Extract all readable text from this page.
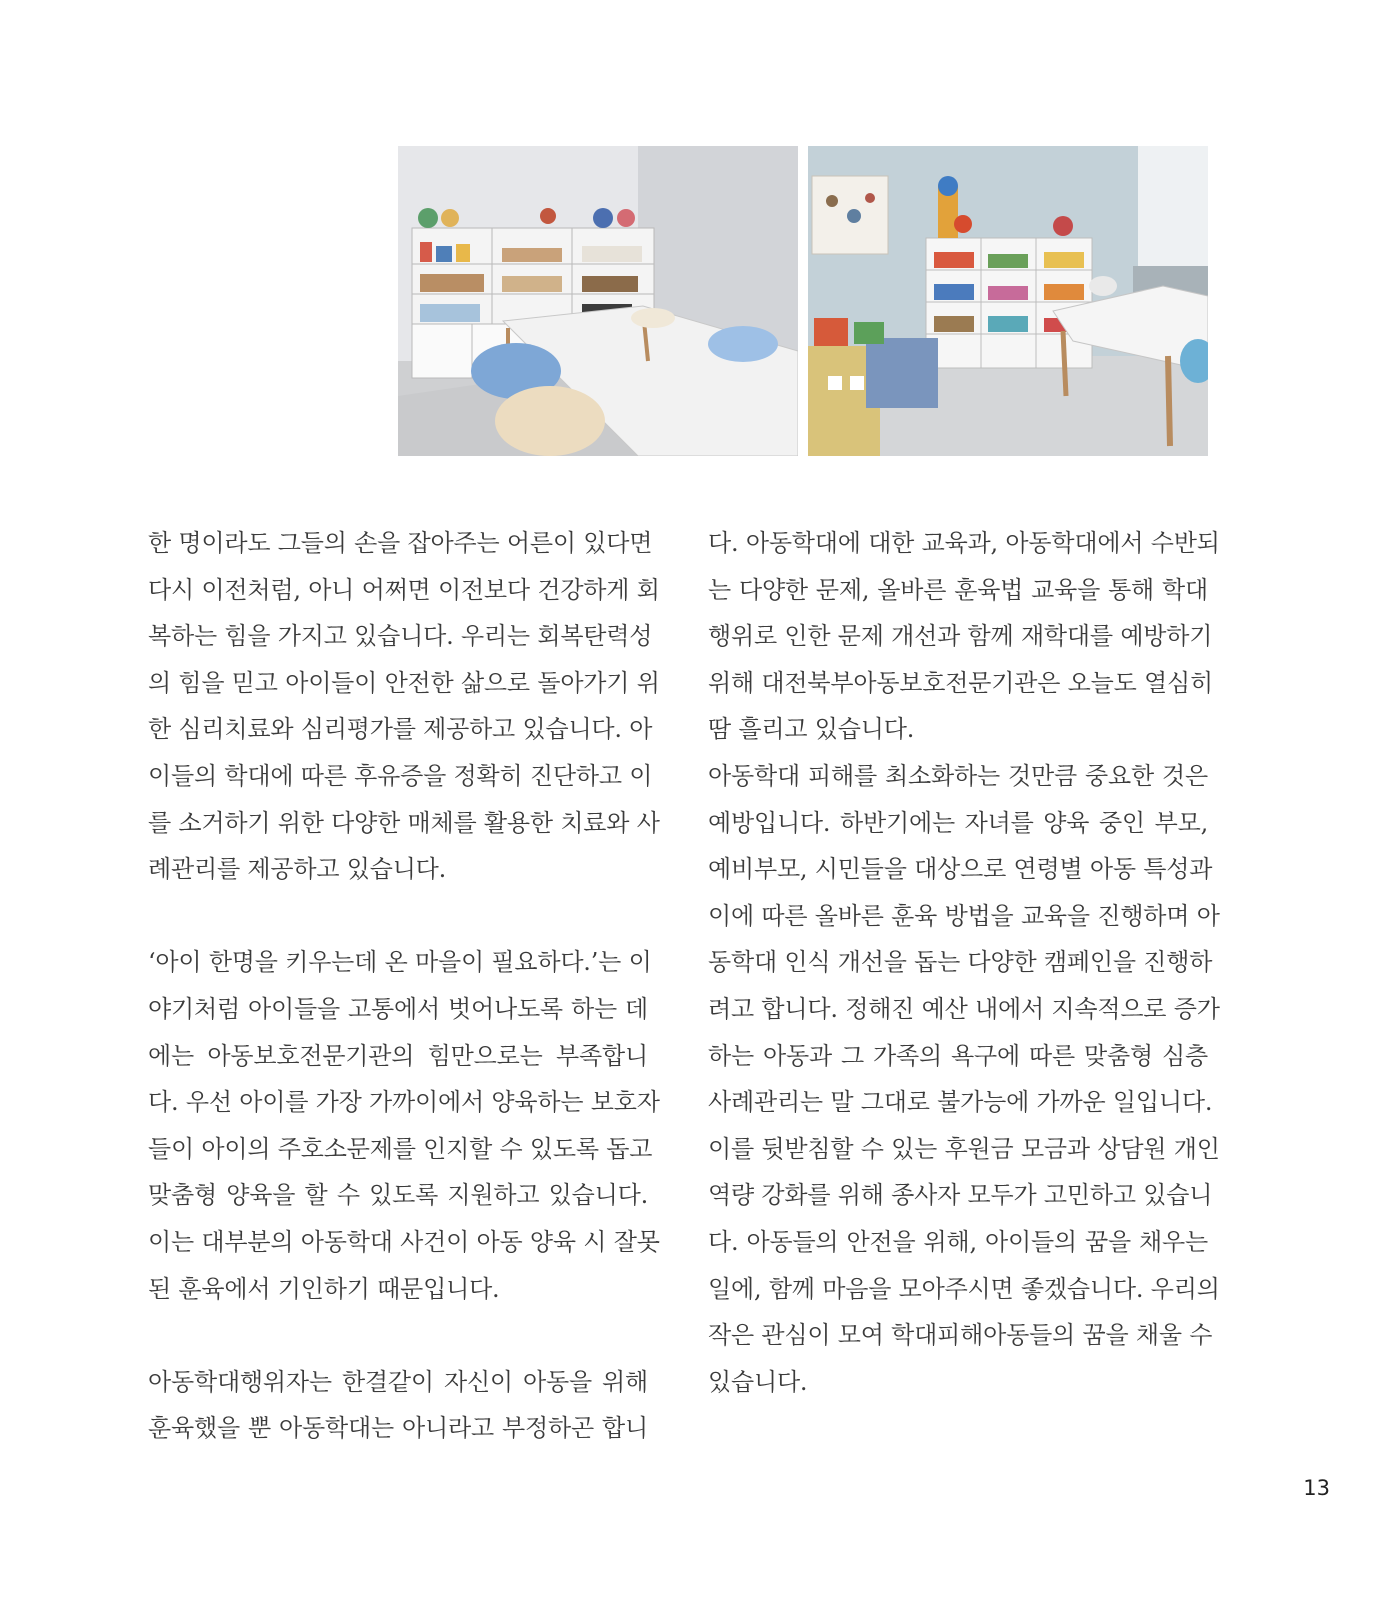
한 명이라도 그들의 손을 잡아주는 어른이 있다면
다시 이전처럼, 아니 어쩌면 이전보다 건강하게 회
복하는 힘을 가지고 있습니다. 우리는 회복탄력성
의 힘을 믿고 아이들이 안전한 삶으로 돌아가기 위
한 심리치료와 심리평가를 제공하고 있습니다. 아
이들의 학대에 따른 후유증을 정확히 진단하고 이
를 소거하기 위한 다양한 매체를 활용한 치료와 사
례관리를 제공하고 있습니다.
‘아이 한명을 키우는데 온 마을이 필요하다.’는 이
야기처럼 아이들을 고통에서 벗어나도록 하는 데
에는 아동보호전문기관의 힘만으로는 부족합니
다. 우선 아이를 가장 가까이에서 양육하는 보호자
들이 아이의 주호소문제를 인지할 수 있도록 돕고
맞춤형 양육을 할 수 있도록 지원하고 있습니다.
이는 대부분의 아동학대 사건이 아동 양육 시 잘못
된 훈육에서 기인하기 때문입니다.
아동학대행위자는 한결같이 자신이 아동을 위해
훈육했을 뿐 아동학대는 아니라고 부정하곤 합니
다. 아동학대에 대한 교육과, 아동학대에서 수반되
는 다양한 문제, 올바른 훈육법 교육을 통해 학대
행위로 인한 문제 개선과 함께 재학대를 예방하기
위해 대전북부아동보호전문기관은 오늘도 열심히
땀 흘리고 있습니다.
아동학대 피해를 최소화하는 것만큼 중요한 것은
예방입니다. 하반기에는 자녀를 양육 중인 부모,
예비부모, 시민들을 대상으로 연령별 아동 특성과
이에 따른 올바른 훈육 방법을 교육을 진행하며 아
동학대 인식 개선을 돕는 다양한 캠페인을 진행하
려고 합니다. 정해진 예산 내에서 지속적으로 증가
하는 아동과 그 가족의 욕구에 따른 맞춤형 심층
사례관리는 말 그대로 불가능에 가까운 일입니다.
이를 뒷받침할 수 있는 후원금 모금과 상담원 개인
역량 강화를 위해 종사자 모두가 고민하고 있습니
다. 아동들의 안전을 위해, 아이들의 꿈을 채우는
일에, 함께 마음을 모아주시면 좋겠습니다. 우리의
작은 관심이 모여 학대피해아동들의 꿈을 채울 수
있습니다.
13
